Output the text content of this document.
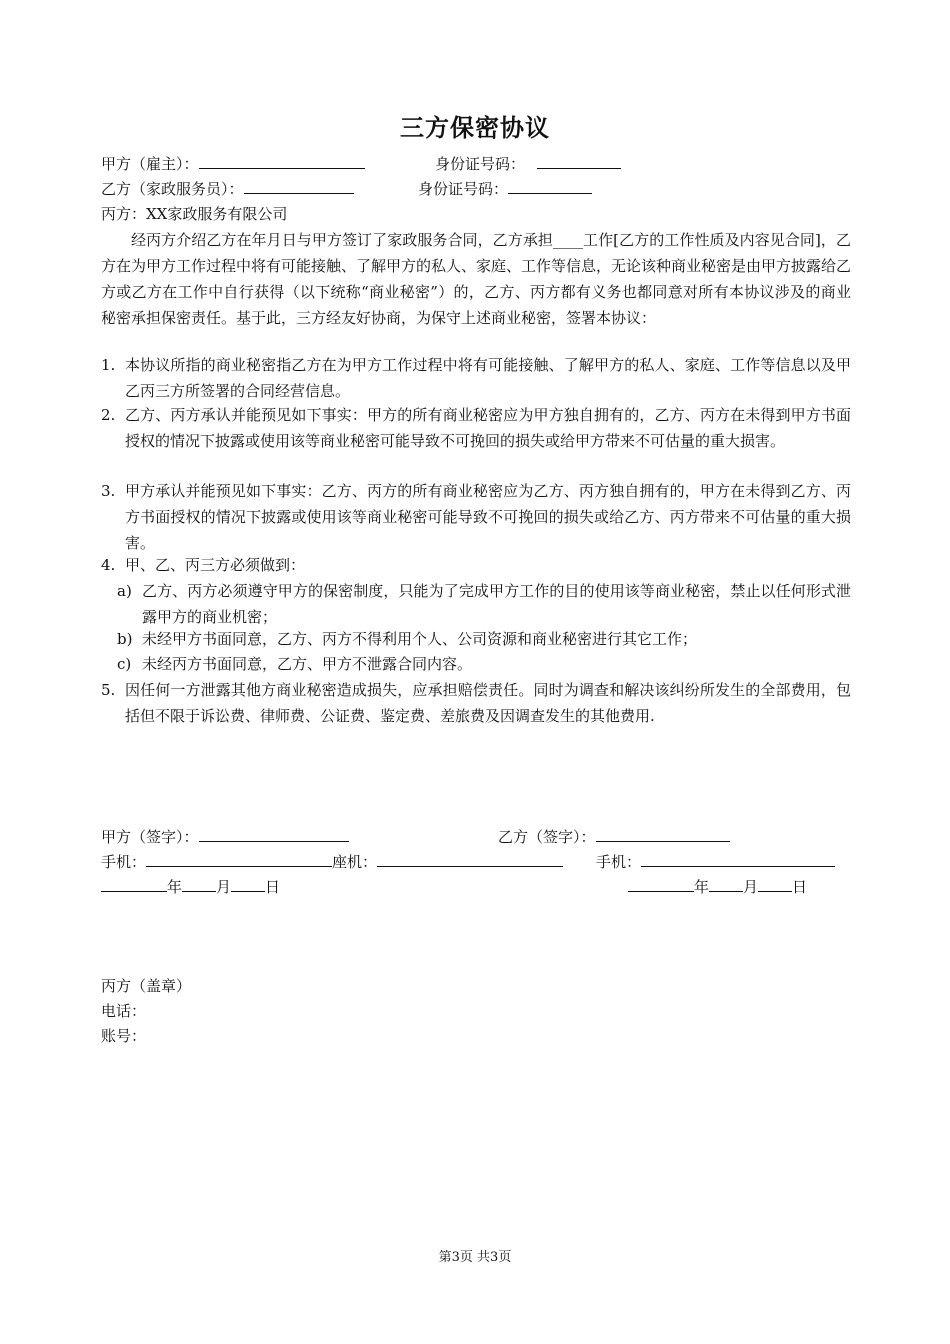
三方保密协议
甲方（雇主）：	身份证号码：
乙方（家政服务员）：	身份证号码：
丙方：XX家政服务有限公司
经丙方介绍乙方在年月日与甲方签订了家政服务合同，乙方承担____工作[乙方的工作性质及内容见合同]，乙方在为甲方工作过程中将有可能接触、了解甲方的私人、家庭、工作等信息，无论该种商业秘密是由甲方披露给乙方或乙方在工作中自行获得（以下统称“商业秘密”）的，乙方、丙方都有义务也都同意对所有本协议涉及的商业秘密承担保密责任。基于此，三方经友好协商，为保守上述商业秘密，签署本协议：
1. 本协议所指的商业秘密指乙方在为甲方工作过程中将有可能接触、了解甲方的私人、家庭、工作等信息以及甲乙丙三方所签署的合同经营信息。
2. 乙方、丙方承认并能预见如下事实：甲方的所有商业秘密应为甲方独自拥有的，乙方、丙方在未得到甲方书面授权的情况下披露或使用该等商业秘密可能导致不可挽回的损失或给甲方带来不可估量的重大损害。
3. 甲方承认并能预见如下事实：乙方、丙方的所有商业秘密应为乙方、丙方独自拥有的，甲方在未得到乙方、丙方书面授权的情况下披露或使用该等商业秘密可能导致不可挽回的损失或给乙方、丙方带来不可估量的重大损害。
4. 甲、乙、丙三方必须做到：
a) 乙方、丙方必须遵守甲方的保密制度，只能为了完成甲方工作的目的使用该等商业秘密，禁止以任何形式泄露甲方的商业机密；
b) 未经甲方书面同意，乙方、丙方不得利用个人、公司资源和商业秘密进行其它工作；
c) 未经丙方书面同意，乙方、甲方不泄露合同内容。
5. 因任何一方泄露其他方商业秘密造成损失，应承担赔偿责任。同时为调查和解决该纠纷所发生的全部费用，包括但不限于诉讼费、律师费、公证费、鉴定费、差旅费及因调查发生的其他费用.
甲方（签字）：	乙方（签字）：
手机：	座机：	手机：
年 月 日	年 月 日
丙方（盖章）
电话：
账号：
第3页 共3页
